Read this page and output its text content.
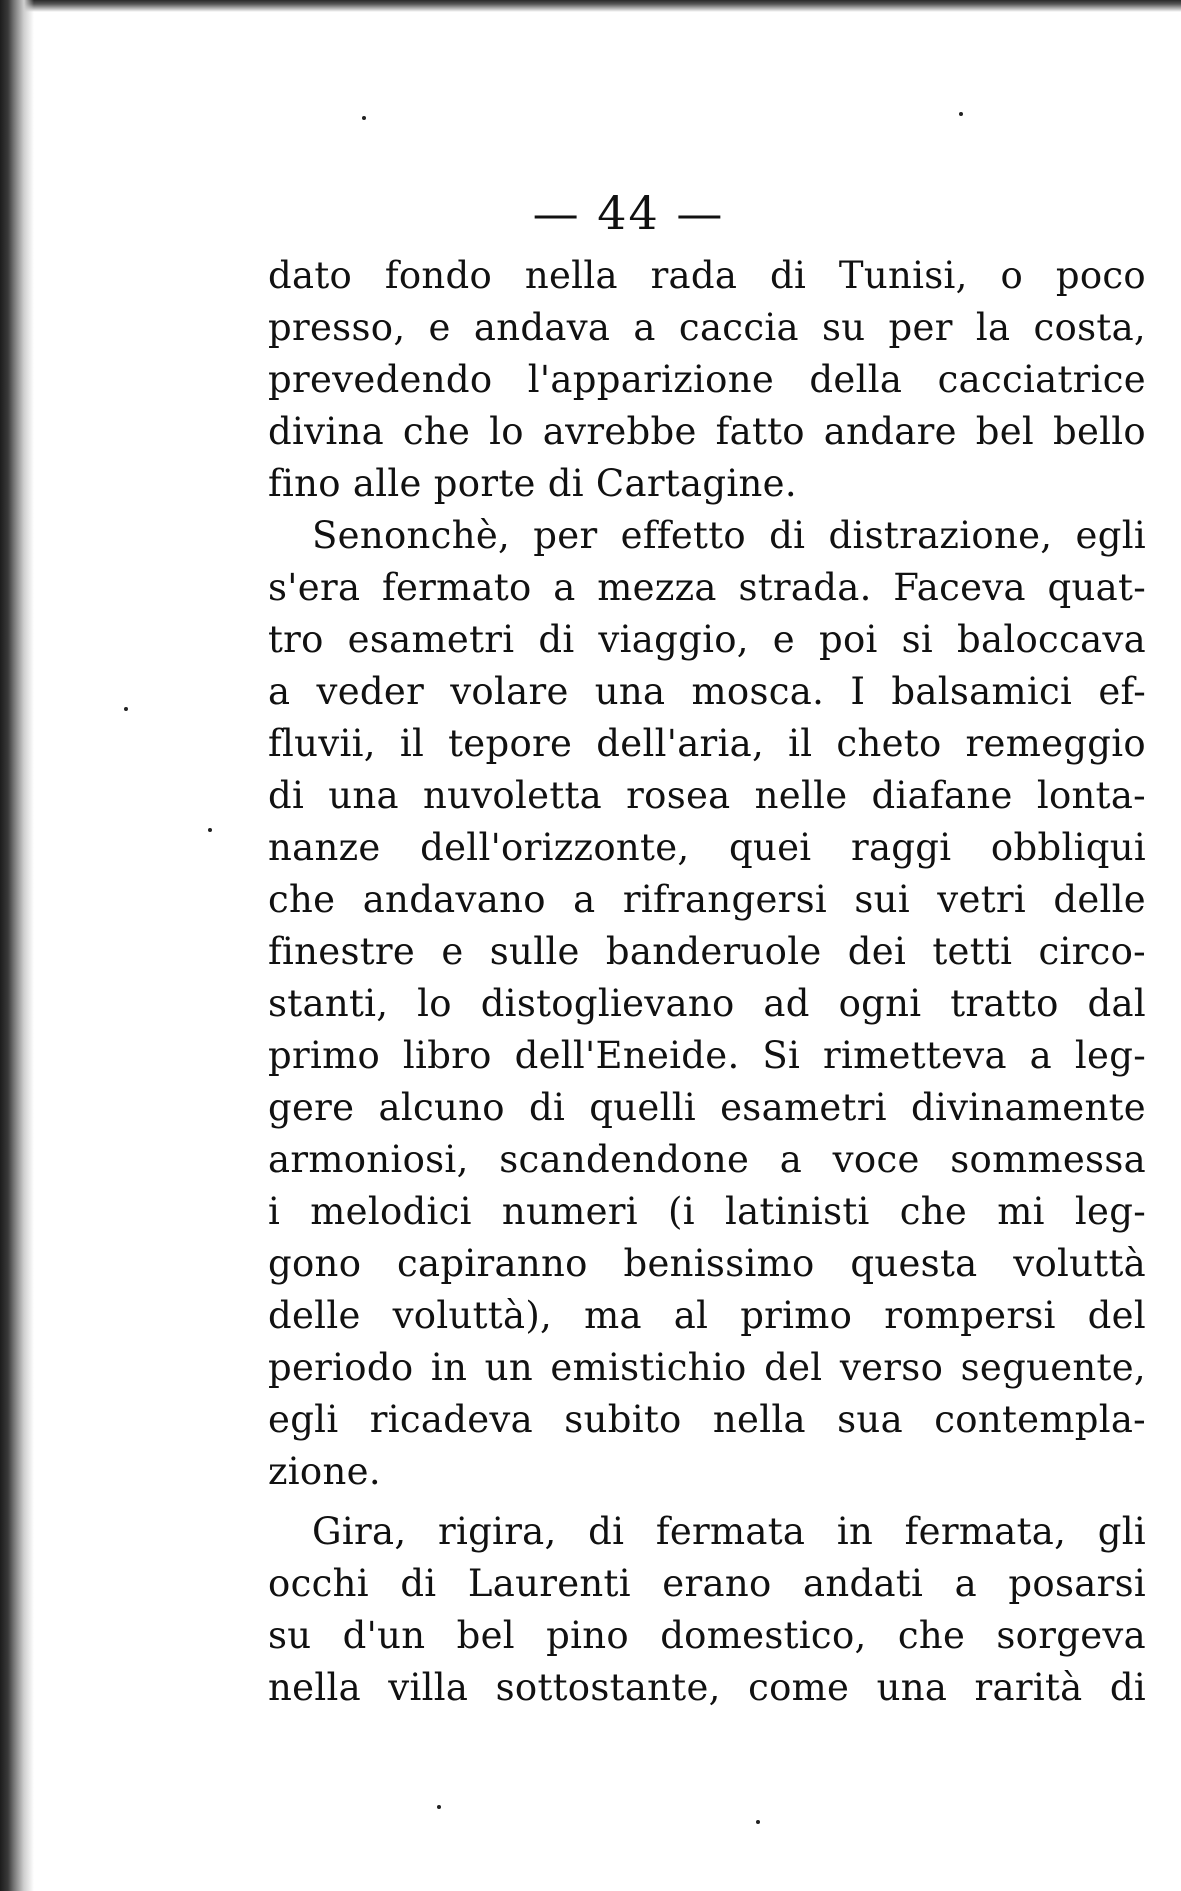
— 44 —
dato fondo nella rada di Tunisi, o poco
presso, e andava a caccia su per la costa,
prevedendo l'apparizione della cacciatrice
divina che lo avrebbe fatto andare bel bello
fino alle porte di Cartagine.
Senonchè, per effetto di distrazione, egli
s'era fermato a mezza strada. Faceva quat-
tro esametri di viaggio, e poi si baloccava
a veder volare una mosca. I balsamici ef-
fluvii, il tepore dell'aria, il cheto remeggio
di una nuvoletta rosea nelle diafane lonta-
nanze dell'orizzonte, quei raggi obbliqui
che andavano a rifrangersi sui vetri delle
finestre e sulle banderuole dei tetti circo-
stanti, lo distoglievano ad ogni tratto dal
primo libro dell'Eneide. Si rimetteva a leg-
gere alcuno di quelli esametri divinamente
armoniosi, scandendone a voce sommessa
i melodici numeri (i latinisti che mi leg-
gono capiranno benissimo questa voluttà
delle voluttà), ma al primo rompersi del
periodo in un emistichio del verso seguente,
egli ricadeva subito nella sua contempla-
zione.
Gira, rigira, di fermata in fermata, gli
occhi di Laurenti erano andati a posarsi
su d'un bel pino domestico, che sorgeva
nella villa sottostante, come una rarità di
